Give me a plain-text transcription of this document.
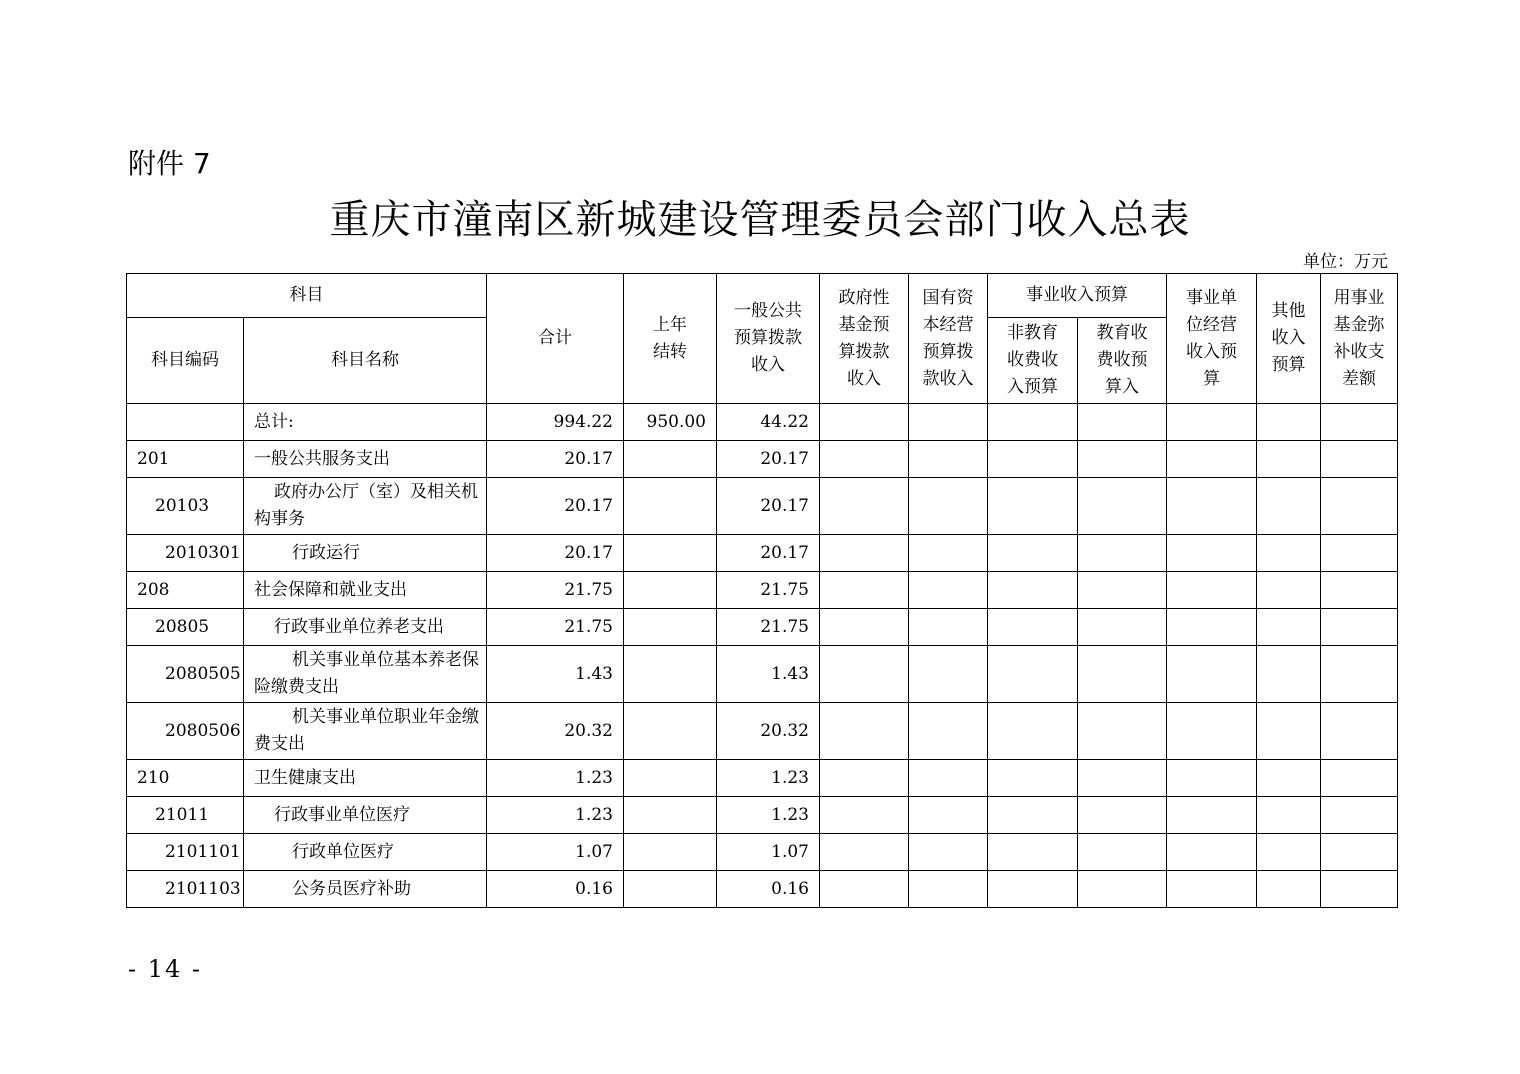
附件 7
重庆市潼南区新城建设管理委员会部门收入总表
单位：万元
科目		合计	上年结转	一般公共预算拨款收入	政府性基金预算拨款收入	国有资本经营预算拨款收入	事业收入预算		事业单位经营收入预算	其他收入预算	用事业基金弥补收支差额

科目编码	科目名称						非教育收费收入预算	教育收费收预算入			

	总计:	994.22	950.00	44.22							
201	一般公共服务支出	20.17		20.17							
20103	政府办公厅（室）及相关机构事务	20.17		20.17							
2010301	行政运行	20.17		20.17							
208	社会保障和就业支出	21.75		21.75							
20805	行政事业单位养老支出	21.75		21.75							
2080505	机关事业单位基本养老保险缴费支出	1.43		1.43							
2080506	机关事业单位职业年金缴费支出	20.32		20.32							
210	卫生健康支出	1.23		1.23							
21011	行政事业单位医疗	1.23		1.23							
2101101	行政单位医疗	1.07		1.07							
2101103	公务员医疗补助	0.16		0.16							
- 14 -
